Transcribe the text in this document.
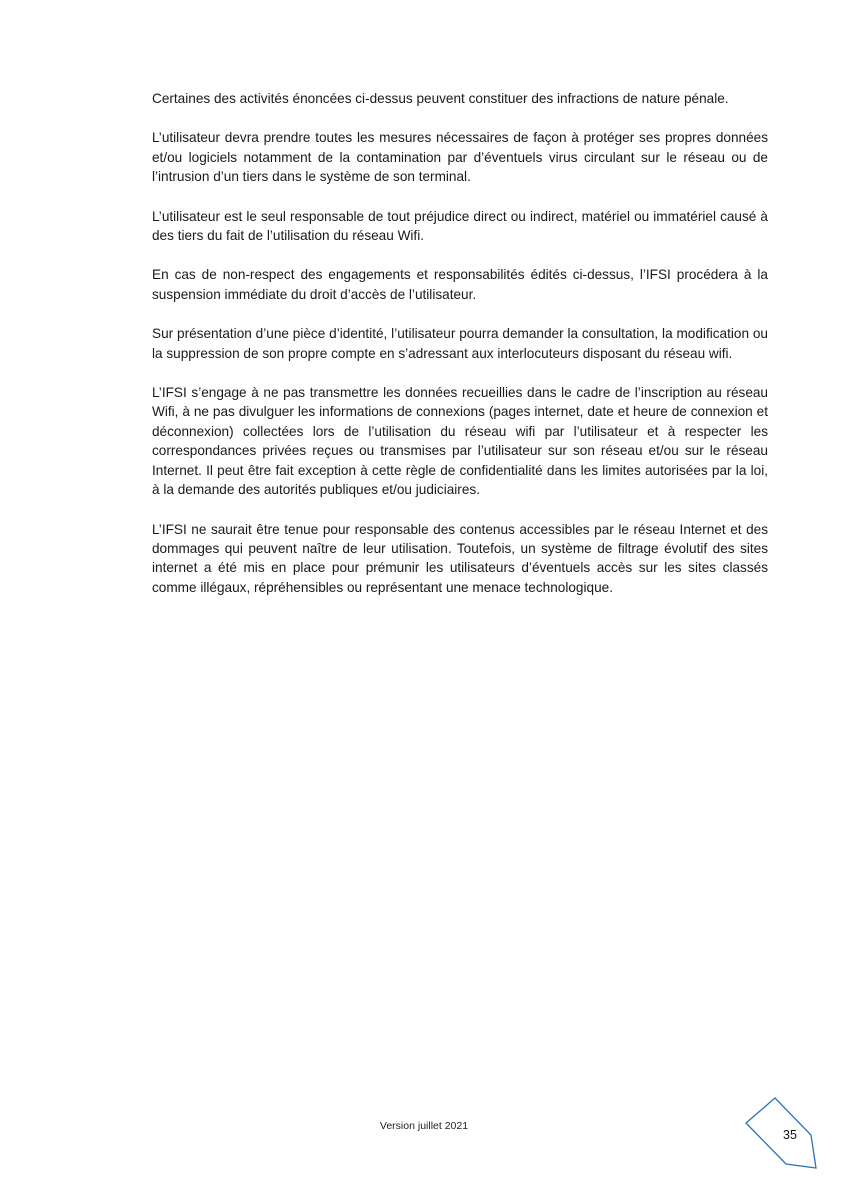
Certaines des activités énoncées ci-dessus peuvent constituer des infractions de nature pénale.

L’utilisateur devra prendre toutes les mesures nécessaires de façon à protéger ses propres données et/ou logiciels notamment de la contamination par d’éventuels virus circulant sur le réseau ou de l’intrusion d’un tiers dans le système de son terminal.

L’utilisateur est le seul responsable de tout préjudice direct ou indirect, matériel ou immatériel causé à des tiers du fait de l’utilisation du réseau Wifi.

En cas de non-respect des engagements et responsabilités édités ci-dessus, l’IFSI procédera à la suspension immédiate du droit d’accès de l’utilisateur.

Sur présentation d’une pièce d’identité, l’utilisateur pourra demander la consultation, la modification ou la suppression de son propre compte en s’adressant aux interlocuteurs disposant du réseau wifi.

L’IFSI s’engage à ne pas transmettre les données recueillies dans le cadre de l’inscription au réseau Wifi, à ne pas divulguer les informations de connexions (pages internet, date et heure de connexion et déconnexion) collectées lors de l’utilisation du réseau wifi par l’utilisateur et à respecter les correspondances privées reçues ou transmises par l’utilisateur sur son réseau et/ou sur le réseau Internet. Il peut être fait exception à cette règle de confidentialité dans les limites autorisées par la loi, à la demande des autorités publiques et/ou judiciaires.

L’IFSI ne saurait être tenue pour responsable des contenus accessibles par le réseau Internet et des dommages qui peuvent naître de leur utilisation. Toutefois, un système de filtrage évolutif des sites internet a été mis en place pour prémunir les utilisateurs d’éventuels accès sur les sites classés comme illégaux, répréhensibles ou représentant une menace technologique.

Version juillet 2021
35
